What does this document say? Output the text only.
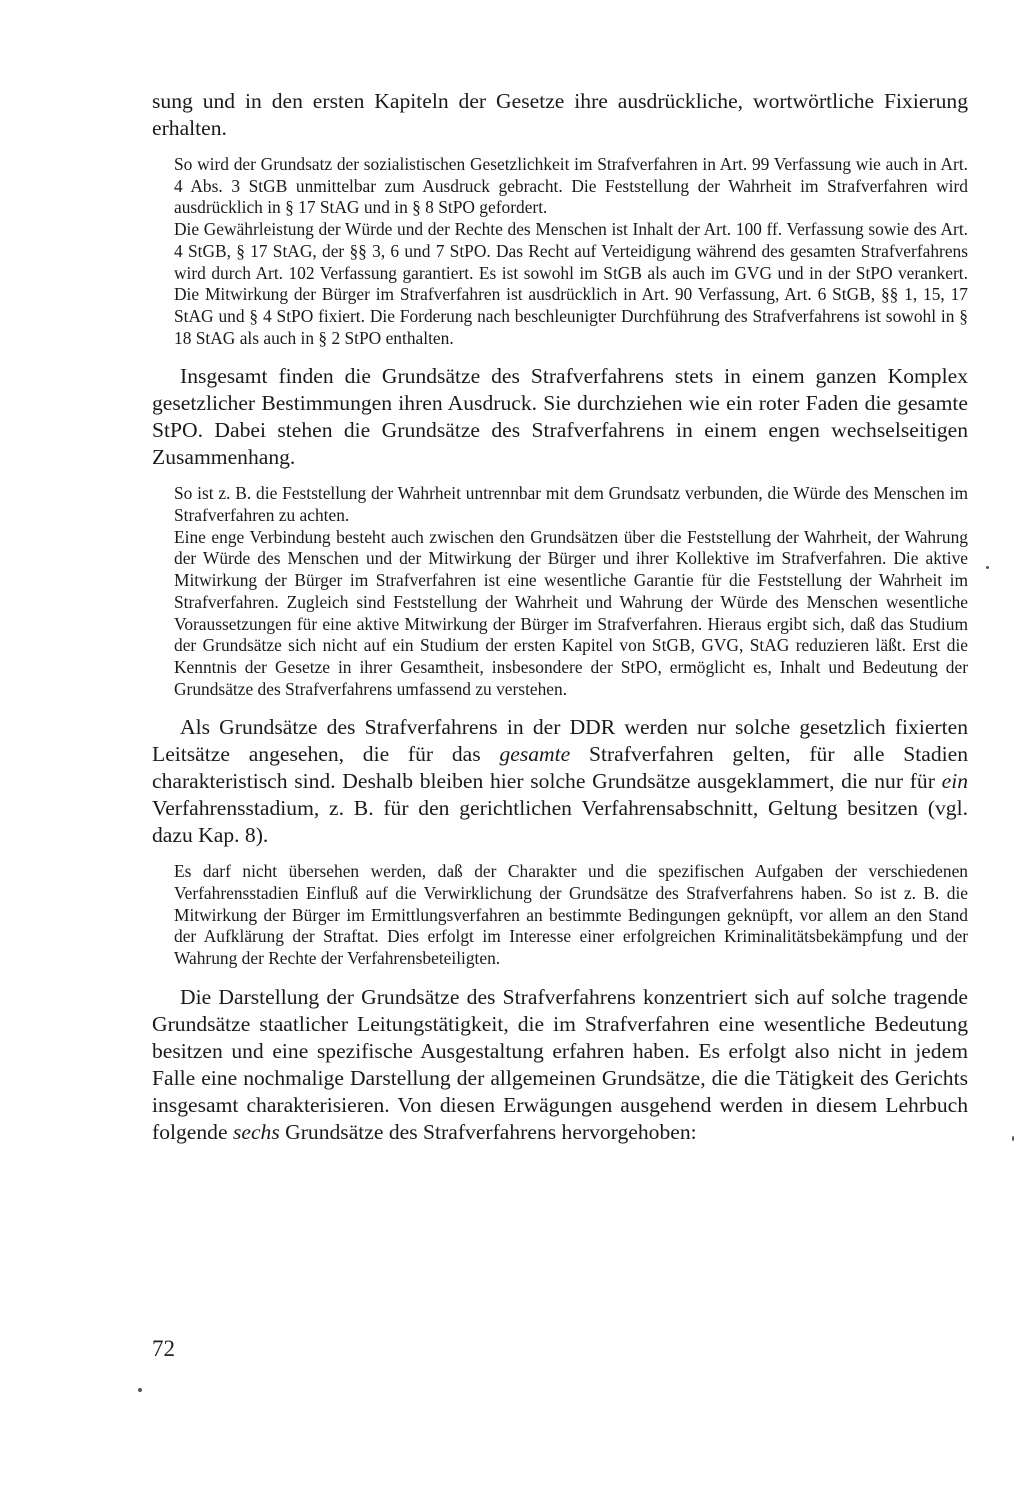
sung und in den ersten Kapiteln der Gesetze ihre ausdrückliche, wortwörtliche Fixierung erhalten.

So wird der Grundsatz der sozialistischen Gesetzlichkeit im Strafverfahren in Art. 99 Verfassung wie auch in Art. 4 Abs. 3 StGB unmittelbar zum Ausdruck gebracht. Die Feststellung der Wahrheit im Strafverfahren wird ausdrücklich in § 17 StAG und in § 8 StPO gefordert.

Die Gewährleistung der Würde und der Rechte des Menschen ist Inhalt der Art. 100 ff. Verfassung sowie des Art. 4 StGB, § 17 StAG, der §§ 3, 6 und 7 StPO. Das Recht auf Verteidigung während des gesamten Strafverfahrens wird durch Art. 102 Verfassung garantiert. Es ist sowohl im StGB als auch im GVG und in der StPO verankert. Die Mitwirkung der Bürger im Strafverfahren ist ausdrücklich in Art. 90 Verfassung, Art. 6 StGB, §§ 1, 15, 17 StAG und § 4 StPO fixiert. Die Forderung nach beschleunigter Durchführung des Strafverfahrens ist sowohl in § 18 StAG als auch in § 2 StPO enthalten.

Insgesamt finden die Grundsätze des Strafverfahrens stets in einem ganzen Komplex gesetzlicher Bestimmungen ihren Ausdruck. Sie durchziehen wie ein roter Faden die gesamte StPO. Dabei stehen die Grundsätze des Strafverfahrens in einem engen wechselseitigen Zusammenhang.

So ist z. B. die Feststellung der Wahrheit untrennbar mit dem Grundsatz verbunden, die Würde des Menschen im Strafverfahren zu achten.

Eine enge Verbindung besteht auch zwischen den Grundsätzen über die Feststellung der Wahrheit, der Wahrung der Würde des Menschen und der Mitwirkung der Bürger und ihrer Kollektive im Strafverfahren. Die aktive Mitwirkung der Bürger im Strafverfahren ist eine wesentliche Garantie für die Feststellung der Wahrheit im Strafverfahren. Zugleich sind Feststellung der Wahrheit und Wahrung der Würde des Menschen wesentliche Voraussetzungen für eine aktive Mitwirkung der Bürger im Strafverfahren. Hieraus ergibt sich, daß das Studium der Grundsätze sich nicht auf ein Studium der ersten Kapitel von StGB, GVG, StAG reduzieren läßt. Erst die Kenntnis der Gesetze in ihrer Gesamtheit, insbesondere der StPO, ermöglicht es, Inhalt und Bedeutung der Grundsätze des Strafverfahrens umfassend zu verstehen.

Als Grundsätze des Strafverfahrens in der DDR werden nur solche gesetzlich fixierten Leitsätze angesehen, die für das gesamte Strafverfahren gelten, für alle Stadien charakteristisch sind. Deshalb bleiben hier solche Grundsätze ausgeklammert, die nur für ein Verfahrensstadium, z. B. für den gerichtlichen Verfahrensabschnitt, Geltung besitzen (vgl. dazu Kap. 8).

Es darf nicht übersehen werden, daß der Charakter und die spezifischen Aufgaben der verschiedenen Verfahrensstadien Einfluß auf die Verwirklichung der Grundsätze des Strafverfahrens haben. So ist z. B. die Mitwirkung der Bürger im Ermittlungsverfahren an bestimmte Bedingungen geknüpft, vor allem an den Stand der Aufklärung der Straftat. Dies erfolgt im Interesse einer erfolgreichen Kriminalitätsbekämpfung und der Wahrung der Rechte der Verfahrensbeteiligten.

Die Darstellung der Grundsätze des Strafverfahrens konzentriert sich auf solche tragende Grundsätze staatlicher Leitungstätigkeit, die im Strafverfahren eine wesentliche Bedeutung besitzen und eine spezifische Ausgestaltung erfahren haben. Es erfolgt also nicht in jedem Falle eine nochmalige Darstellung der allgemeinen Grundsätze, die die Tätigkeit des Gerichts insgesamt charakterisieren. Von diesen Erwägungen ausgehend werden in diesem Lehrbuch folgende sechs Grundsätze des Strafverfahrens hervorgehoben:

72
